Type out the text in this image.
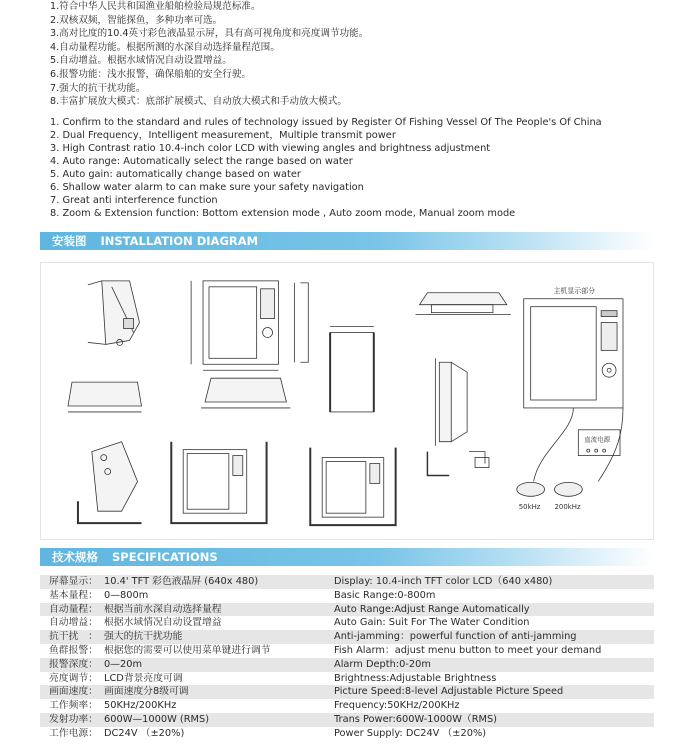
1.符合中华人民共和国渔业船舶检验局规范标准。
2.双核双频，智能探鱼，多种功率可选。
3.高对比度的10.4英寸彩色液晶显示屏，具有高可视角度和亮度调节功能。
4.自动量程功能。根据所测的水深自动选择量程范围。
5.自动增益。根据水域情况自动设置增益。
6.报警功能：浅水报警，确保船舶的安全行驶。
7.强大的抗干扰功能。
8.丰富扩展放大模式：底部扩展模式、自动放大模式和手动放大模式。
1. Confirm to the standard and rules of technology issued by Register Of Fishing Vessel Of The People's Of China
2. Dual Frequency，Intelligent measurement，Multiple transmit power
3. High Contrast ratio 10.4-inch color LCD with viewing angles and brightness adjustment
4. Auto range: Automatically select the range based on water
5. Auto gain: automatically change based on water
6. Shallow water alarm to can make sure your safety navigation
7. Great anti interference function
8. Zoom & Extension function: Bottom extension mode , Auto zoom mode, Manual zoom mode
安装图 INSTALLATION DIAGRAM
主机显示部分
直流电源
50kHz 200kHz
技术规格 SPECIFICATIONS
屏幕显示： 10.4' TFT 彩色液晶屏 (640x 480)	Display: 10.4-inch TFT color LCD（640 x480)
基本量程： 0—800m	Basic Range:0-800m
自动量程： 根据当前水深自动选择量程	Auto Range:Adjust Range Automatically
自动增益： 根据水域情况自动设置增益	Auto Gain: Suit For The Water Condition
抗干扰　： 强大的抗干扰功能	Anti-jamming：powerful function of anti-jamming
鱼群报警： 根据您的需要可以使用菜单键进行调节	Fish Alarm：adjust menu button to meet your demand
报警深度： 0—20m	Alarm Depth:0-20m
亮度调节： LCD背景亮度可调	Brightness:Adjustable Brightness
画面速度： 画面速度分8级可调	Picture Speed:8-level Adjustable Picture Speed
工作频率： 50KHz/200KHz	Frequency:50KHz/200KHz
发射功率： 600W—1000W (RMS)	Trans Power:600W-1000W（RMS)
工作电源： DC24V （±20%)	Power Supply: DC24V （±20%)
